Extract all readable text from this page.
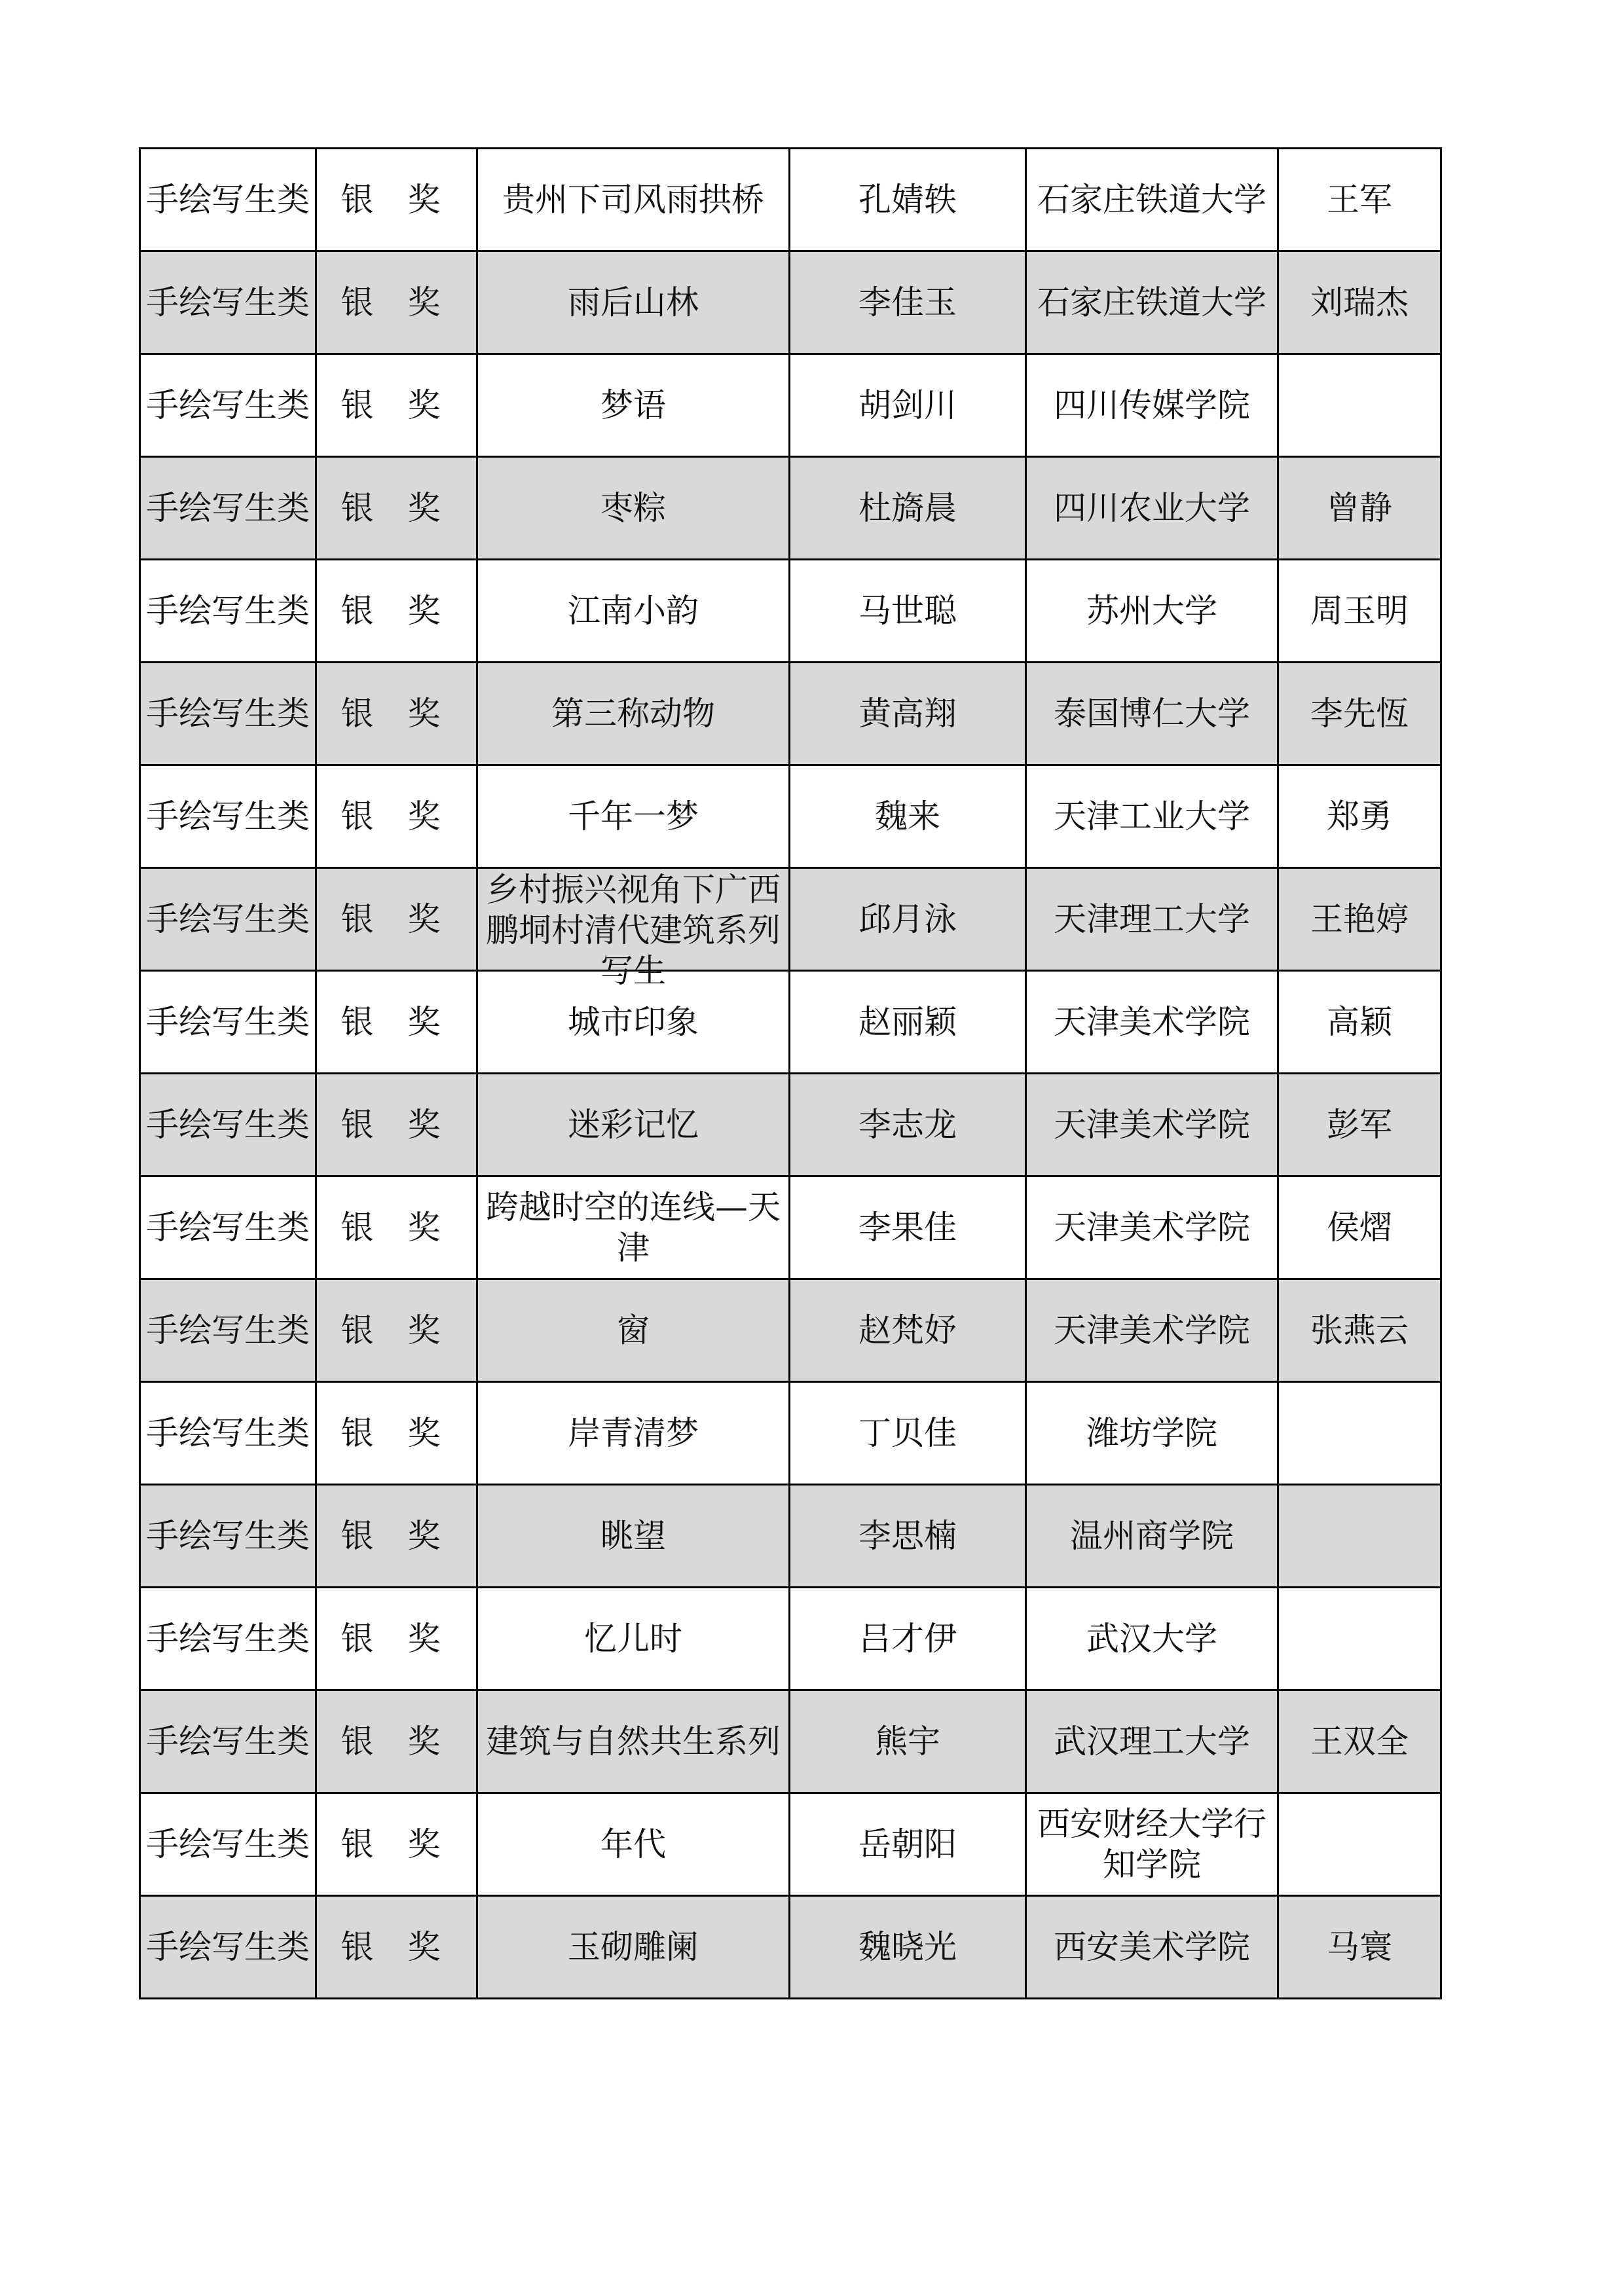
手绘写生类	银 奖	贵州下司风雨拱桥	孔婧轶	石家庄铁道大学	王军

手绘写生类	银 奖	雨后山林	李佳玉	石家庄铁道大学	刘瑞杰

手绘写生类	银 奖	梦语	胡剑川	四川传媒学院	

手绘写生类	银 奖	枣粽	杜旖晨	四川农业大学	曾静

手绘写生类	银 奖	江南小韵	马世聪	苏州大学	周玉明

手绘写生类	银 奖	第三称动物	黄高翔	泰国博仁大学	李先恆

手绘写生类	银 奖	千年一梦	魏来	天津工业大学	郑勇

手绘写生类	银 奖	乡村振兴视角下广西鹏垌村清代建筑系列写生	邱月泳	天津理工大学	王艳婷

手绘写生类	银 奖	城市印象	赵丽颖	天津美术学院	高颖

手绘写生类	银 奖	迷彩记忆	李志龙	天津美术学院	彭军

手绘写生类	银 奖	跨越时空的连线—天津	李果佳	天津美术学院	侯熠

手绘写生类	银 奖	窗	赵梵妤	天津美术学院	张燕云

手绘写生类	银 奖	岸青清梦	丁贝佳	潍坊学院	

手绘写生类	银 奖	眺望	李思楠	温州商学院	

手绘写生类	银 奖	忆儿时	吕才伊	武汉大学	

手绘写生类	银 奖	建筑与自然共生系列	熊宇	武汉理工大学	王双全

手绘写生类	银 奖	年代	岳朝阳	西安财经大学行知学院	

手绘写生类	银 奖	玉砌雕阑	魏晓光	西安美术学院	马寰
